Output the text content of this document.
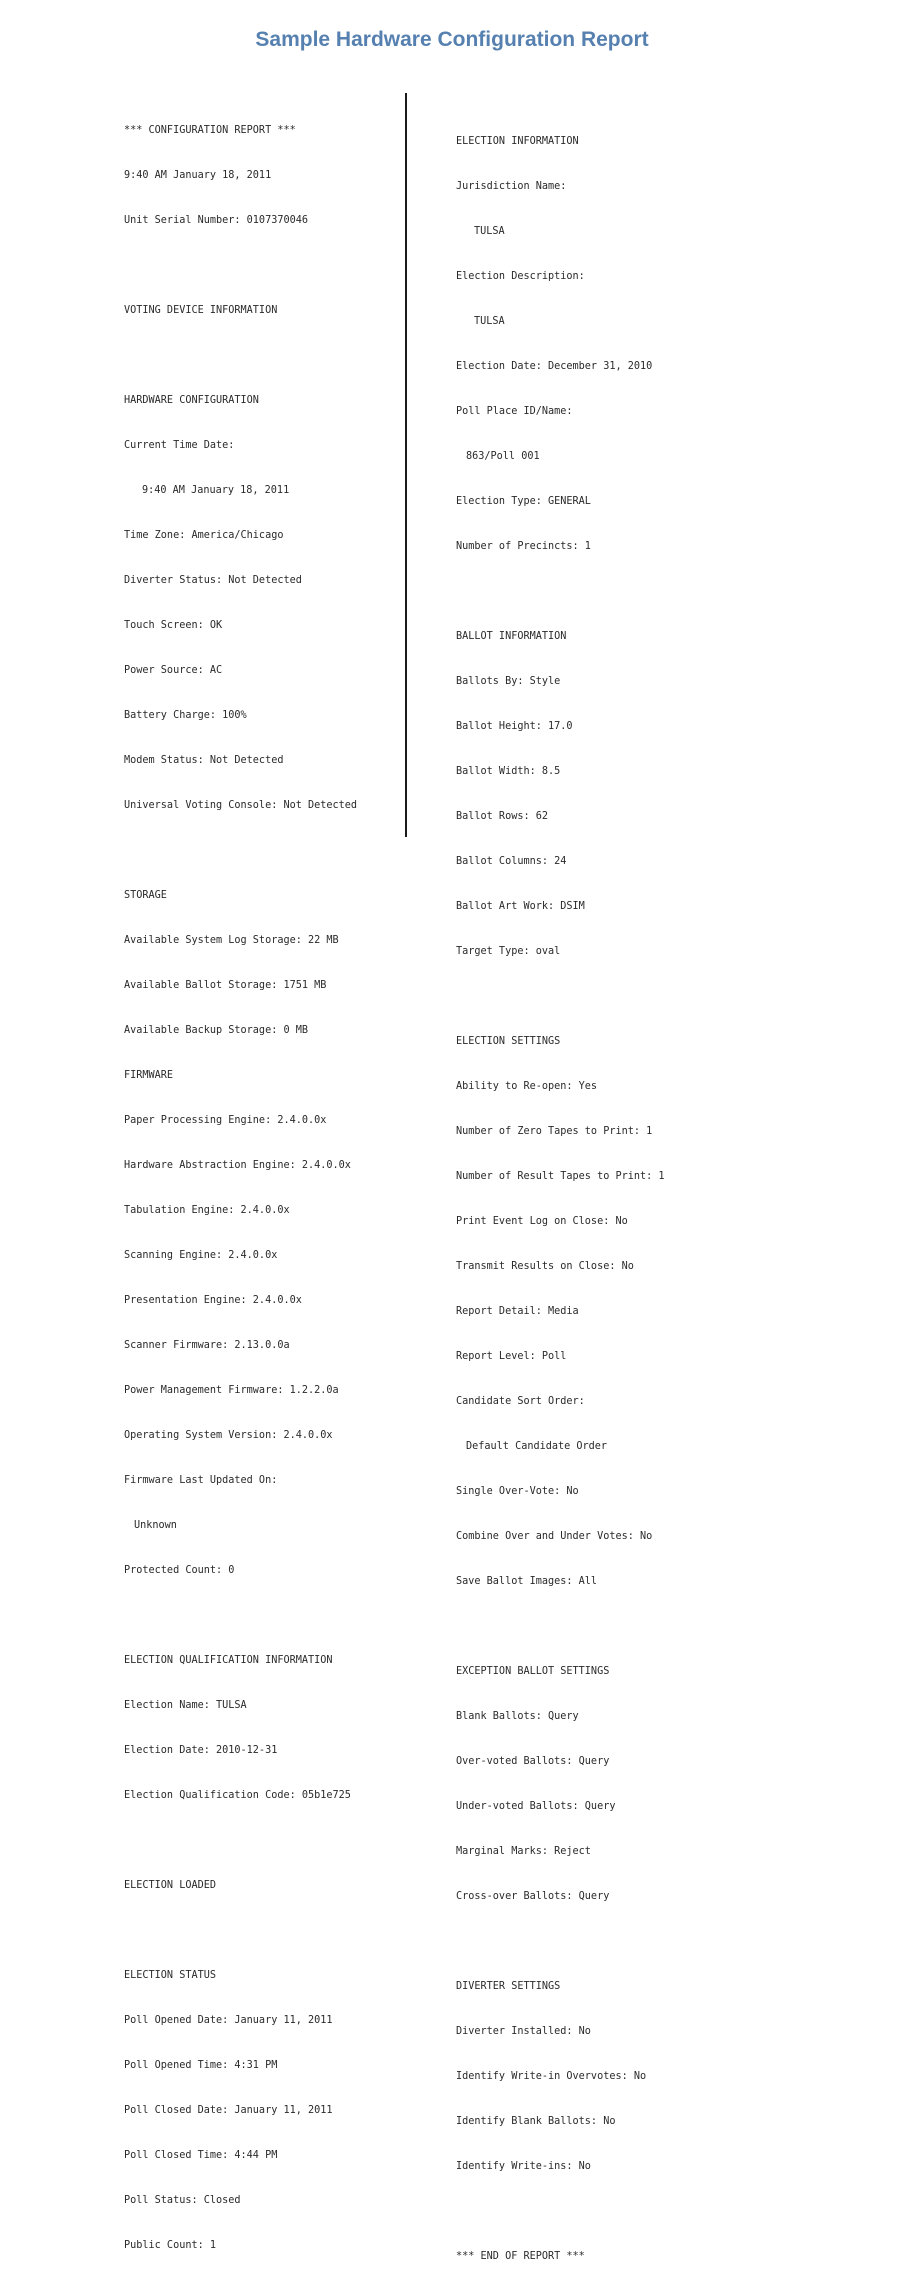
Sample Hardware Configuration Report

*** CONFIGURATION REPORT ***

9:40 AM January 18, 2011

Unit Serial Number: 0107370046

VOTING DEVICE INFORMATION

HARDWARE CONFIGURATION

Current Time Date:

9:40 AM January 18, 2011

Time Zone: America/Chicago

Diverter Status: Not Detected

Touch Screen: OK

Power Source: AC

Battery Charge: 100%

Modem Status: Not Detected

Universal Voting Console: Not Detected

STORAGE

Available System Log Storage: 22 MB

Available Ballot Storage: 1751 MB

Available Backup Storage: 0 MB

FIRMWARE

Paper Processing Engine: 2.4.0.0x

Hardware Abstraction Engine: 2.4.0.0x

Tabulation Engine: 2.4.0.0x

Scanning Engine: 2.4.0.0x

Presentation Engine: 2.4.0.0x

Scanner Firmware: 2.13.0.0a

Power Management Firmware: 1.2.2.0a

Operating System Version: 2.4.0.0x

Firmware Last Updated On:

Unknown

Protected Count: 0

ELECTION QUALIFICATION INFORMATION

Election Name: TULSA

Election Date: 2010-12-31

Election Qualification Code: 05b1e725

ELECTION LOADED

ELECTION STATUS

Poll Opened Date: January 11, 2011

Poll Opened Time: 4:31 PM

Poll Closed Date: January 11, 2011

Poll Closed Time: 4:44 PM

Poll Status: Closed

Public Count: 1

ELECTION INFORMATION

Jurisdiction Name:

TULSA

Election Description:

TULSA

Election Date: December 31, 2010

Poll Place ID/Name:

863/Poll 001

Election Type: GENERAL

Number of Precincts: 1

BALLOT INFORMATION

Ballots By: Style

Ballot Height: 17.0

Ballot Width: 8.5

Ballot Rows: 62

Ballot Columns: 24

Ballot Art Work: DSIM

Target Type: oval

ELECTION SETTINGS

Ability to Re-open: Yes

Number of Zero Tapes to Print: 1

Number of Result Tapes to Print: 1

Print Event Log on Close: No

Transmit Results on Close: No

Report Detail: Media

Report Level: Poll

Candidate Sort Order:

Default Candidate Order

Single Over-Vote: No

Combine Over and Under Votes: No

Save Ballot Images: All

EXCEPTION BALLOT SETTINGS

Blank Ballots: Query

Over-voted Ballots: Query

Under-voted Ballots: Query

Marginal Marks: Reject

Cross-over Ballots: Query

DIVERTER SETTINGS

Diverter Installed: No

Identify Write-in Overvotes: No

Identify Blank Ballots: No

Identify Write-ins: No

*** END OF REPORT ***
